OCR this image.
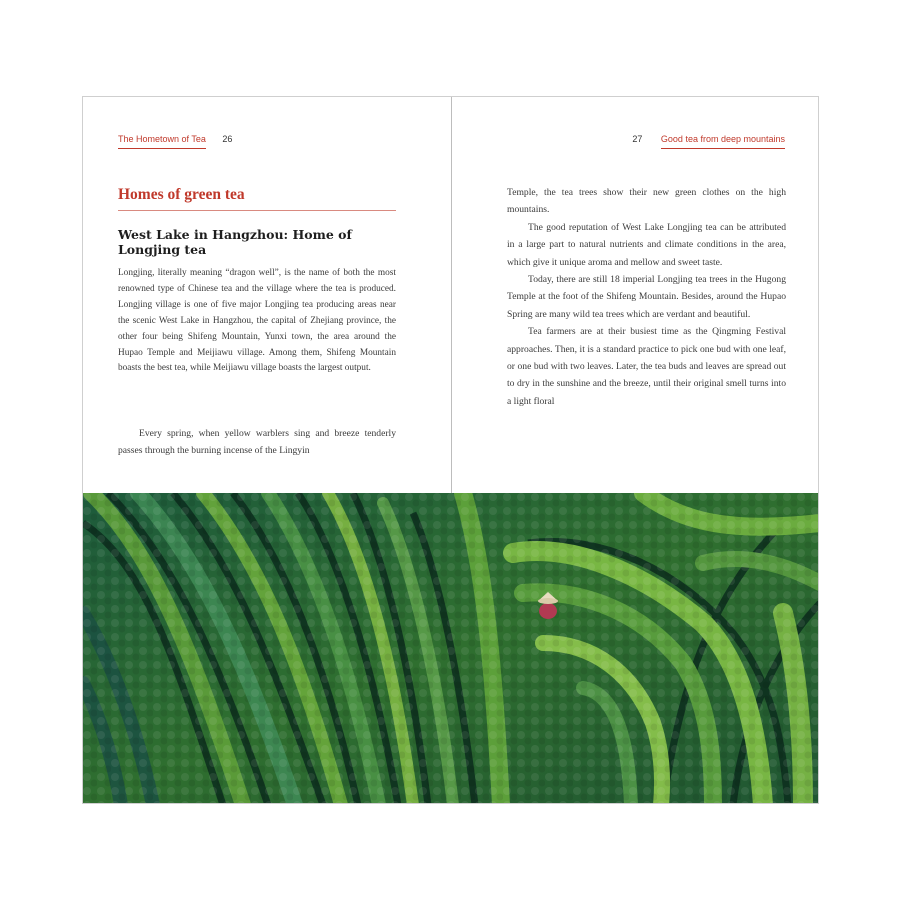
The Hometown of Tea 26
Homes of green tea
West Lake in Hangzhou: Home of Longjing tea

Longjing, literally meaning “dragon well”, is the name of both the most renowned type of Chinese tea and the village where the tea is produced. Longjing village is one of five major Longjing tea producing areas near the scenic West Lake in Hangzhou, the capital of Zhejiang province, the other four being Shifeng Mountain, Yunxi town, the area around the Hupao Temple and Meijiawu village. Among them, Shifeng Mountain boasts the best tea, while Meijiawu village boasts the largest output.

Every spring, when yellow warblers sing and breeze tenderly passes through the burning incense of the Lingyin

27 Good tea from deep mountains

Temple, the tea trees show their new green clothes on the high mountains.

The good reputation of West Lake Longjing tea can be attributed in a large part to natural nutrients and climate conditions in the area, which give it unique aroma and mellow and sweet taste.

Today, there are still 18 imperial Longjing tea trees in the Hugong Temple at the foot of the Shifeng Mountain. Besides, around the Hupao Spring are many wild tea trees which are verdant and beautiful.

Tea farmers are at their busiest time as the Qingming Festival approaches. Then, it is a standard practice to pick one bud with one leaf, or one bud with two leaves. Later, the tea buds and leaves are spread out to dry in the sunshine and the breeze, until their original smell turns into a light floral
